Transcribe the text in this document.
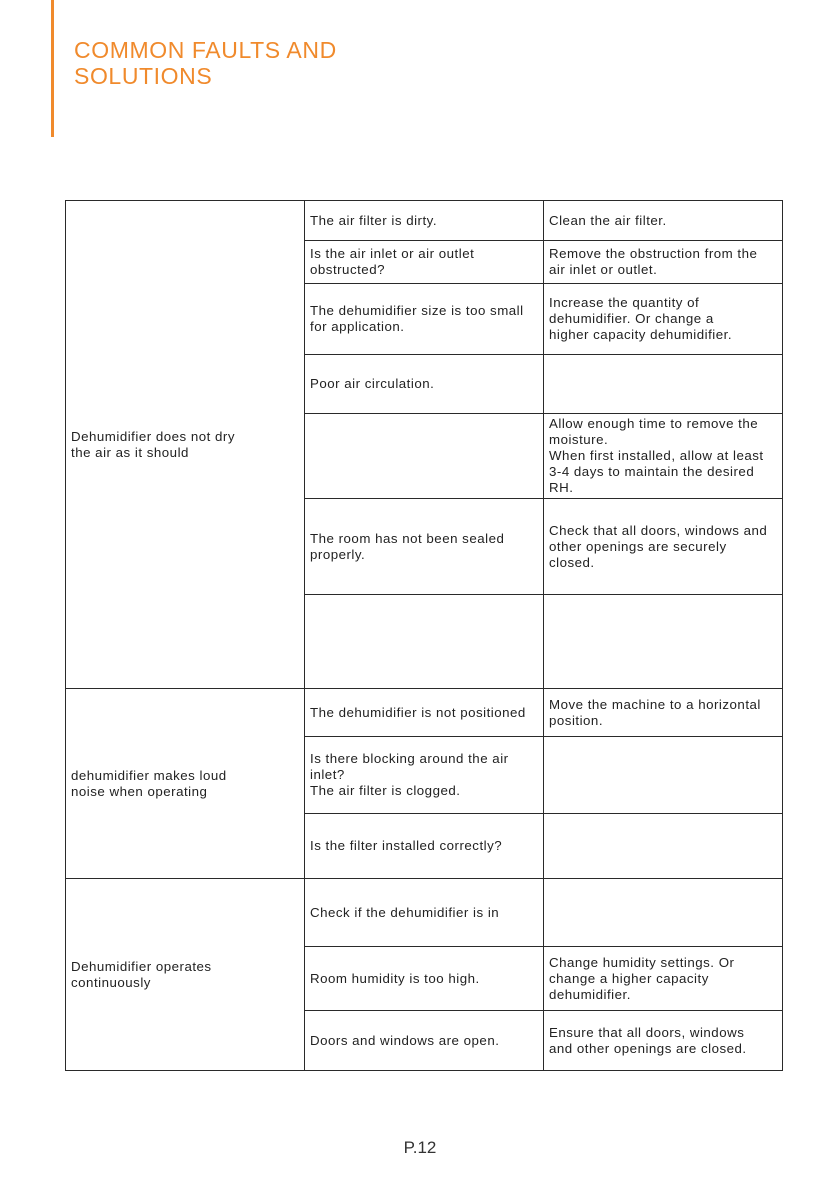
COMMON FAULTS AND
SOLUTIONS
Dehumidifier does not dry
the air as it should	The air filter is dirty.	Clean the air filter.
	Is the air inlet or air outlet
obstructed?	Remove the obstruction from the
air inlet or outlet.
	The dehumidifier size is too small
for application.	Increase the quantity of
dehumidifier. Or change a
higher capacity dehumidifier.
	Poor air circulation.	
		Allow enough time to remove the
moisture.
When first installed, allow at least
3-4 days to maintain the desired RH.
	The room has not been sealed
properly.	Check that all doors, windows and
other openings are securely
closed.

dehumidifier makes loud
noise when operating	The dehumidifier is not positioned	Move the machine to a horizontal
position.
	Is there blocking around the air
inlet?
The air filter is clogged.	
	Is the filter installed correctly?	
Dehumidifier operates
continuously	Check if the dehumidifier is in	
	Room humidity is too high.	Change humidity settings. Or
change a higher capacity
dehumidifier.
	Doors and windows are open.	Ensure that all doors, windows
and other openings are closed.
P.12
